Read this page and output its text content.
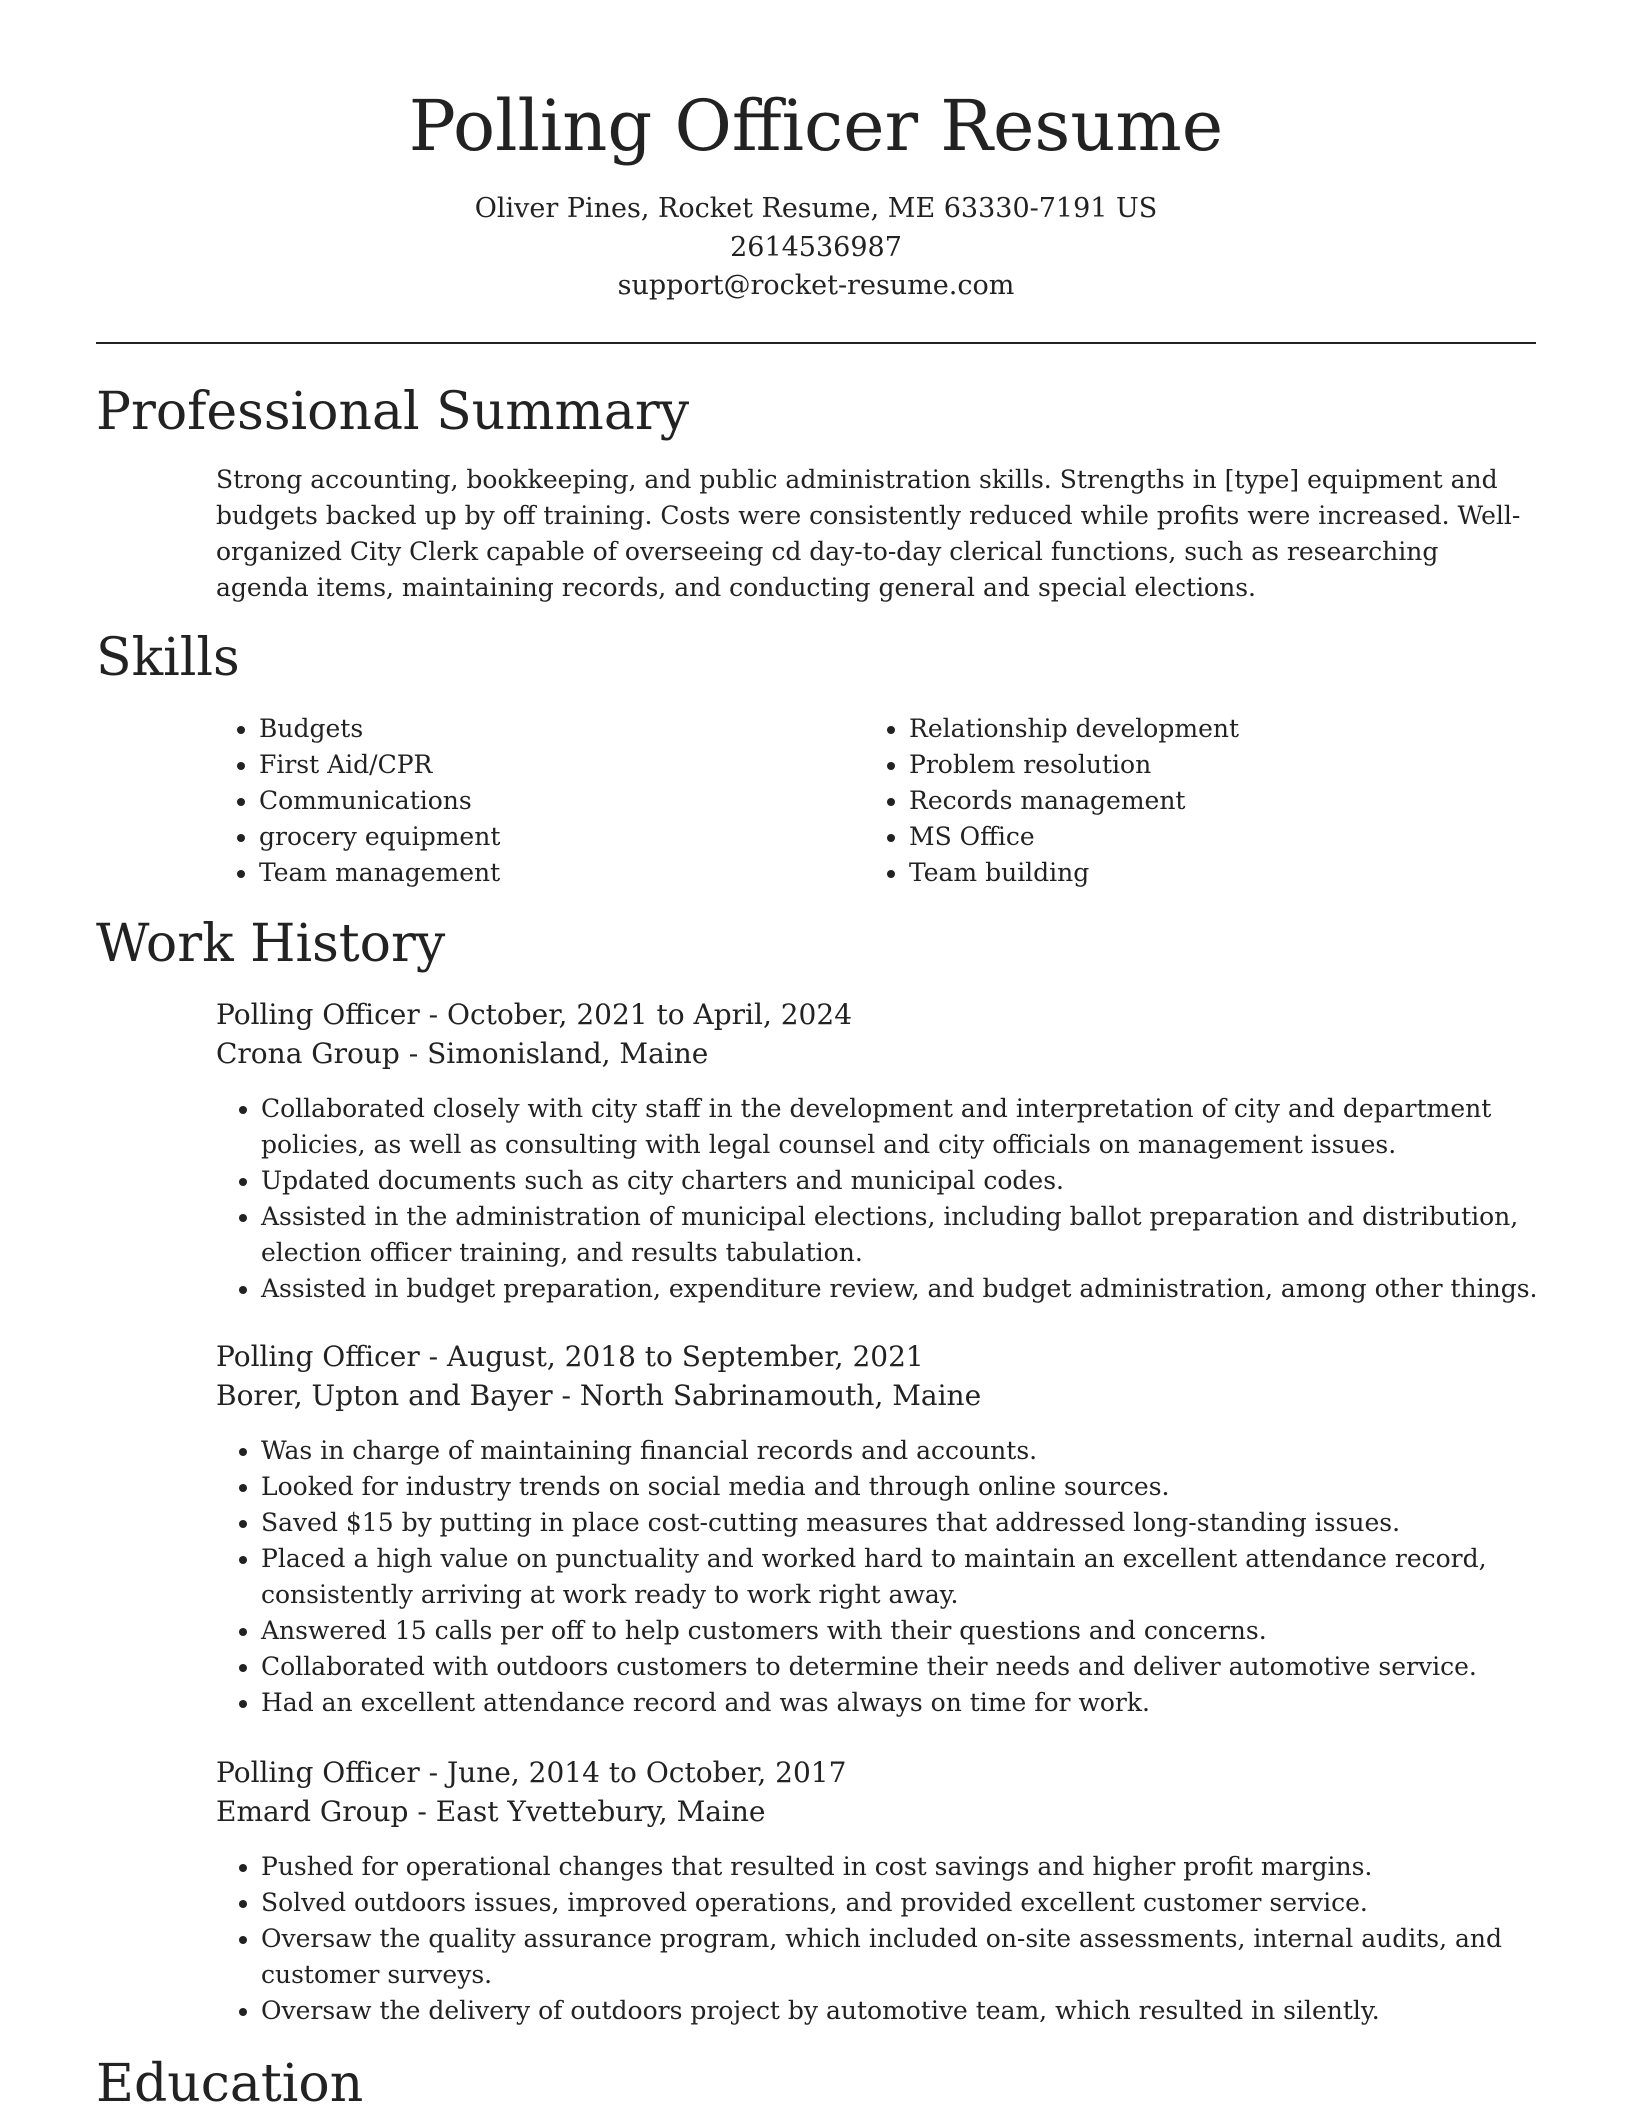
Polling Officer Resume
Oliver Pines, Rocket Resume, ME 63330-7191 US
2614536987
support@rocket-resume.com
Professional Summary

Strong accounting, bookkeeping, and public administration skills. Strengths in [type] equipment and budgets backed up by off training. Costs were consistently reduced while profits were increased. Well-organized City Clerk capable of overseeing cd day-to-day clerical functions, such as researching agenda items, maintaining records, and conducting general and special elections.

Skills
• Budgets
• First Aid/CPR
• Communications
• grocery equipment
• Team management
• Relationship development
• Problem resolution
• Records management
• MS Office
• Team building
Work History
Polling Officer - October, 2021 to April, 2024
Crona Group - Simonisland, Maine
• Collaborated closely with city staff in the development and interpretation of city and department policies, as well as consulting with legal counsel and city officials on management issues.
• Updated documents such as city charters and municipal codes.
• Assisted in the administration of municipal elections, including ballot preparation and distribution, election officer training, and results tabulation.
• Assisted in budget preparation, expenditure review, and budget administration, among other things.
Polling Officer - August, 2018 to September, 2021
Borer, Upton and Bayer - North Sabrinamouth, Maine
• Was in charge of maintaining financial records and accounts.
• Looked for industry trends on social media and through online sources.
• Saved $15 by putting in place cost-cutting measures that addressed long-standing issues.
• Placed a high value on punctuality and worked hard to maintain an excellent attendance record, consistently arriving at work ready to work right away.
• Answered 15 calls per off to help customers with their questions and concerns.
• Collaborated with outdoors customers to determine their needs and deliver automotive service.
• Had an excellent attendance record and was always on time for work.
Polling Officer - June, 2014 to October, 2017
Emard Group - East Yvettebury, Maine
• Pushed for operational changes that resulted in cost savings and higher profit margins.
• Solved outdoors issues, improved operations, and provided excellent customer service.
• Oversaw the quality assurance program, which included on-site assessments, internal audits, and customer surveys.
• Oversaw the delivery of outdoors project by automotive team, which resulted in silently.
Education
